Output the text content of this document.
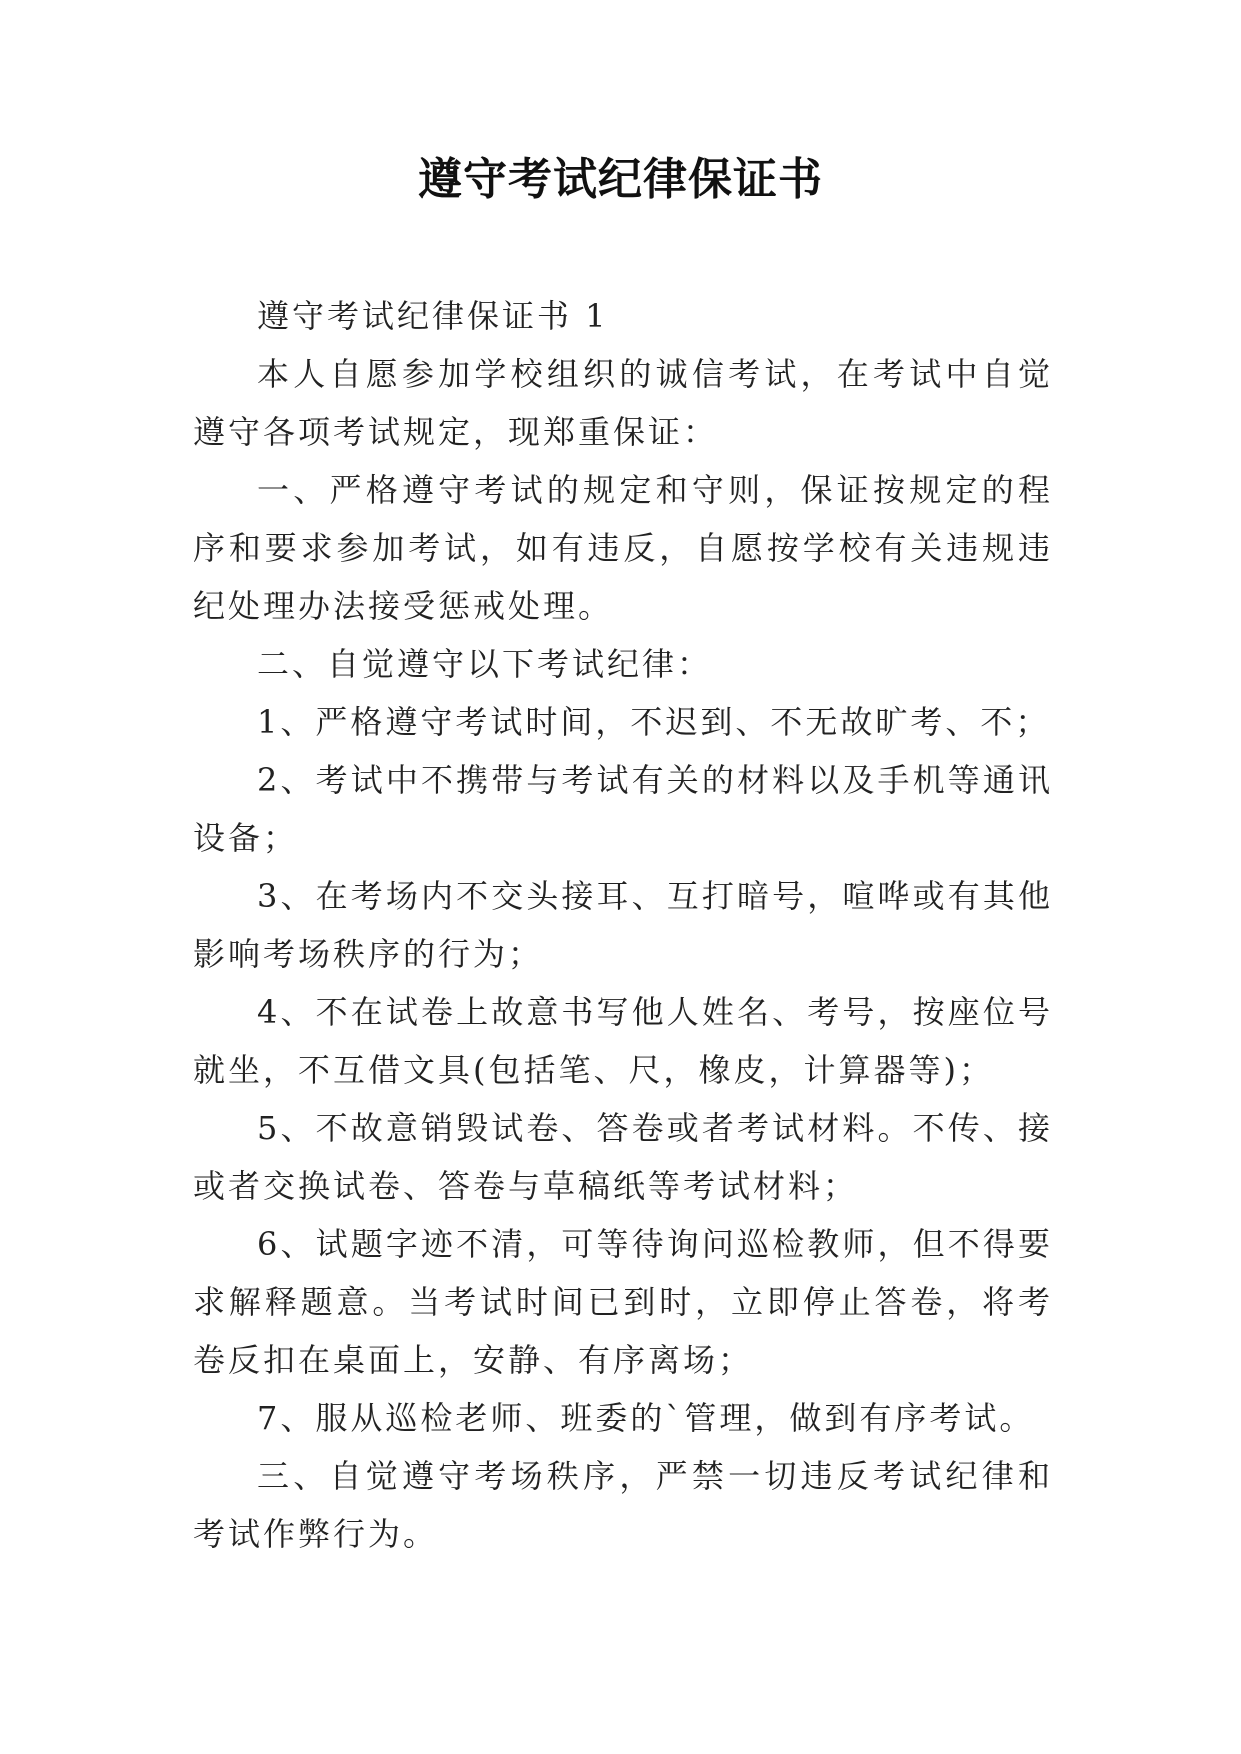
遵守考试纪律保证书

遵守考试纪律保证书 1

本人自愿参加学校组织的诚信考试，在考试中自觉遵守各项考试规定，现郑重保证：

一、严格遵守考试的规定和守则，保证按规定的程序和要求参加考试，如有违反，自愿按学校有关违规违纪处理办法接受惩戒处理。

二、自觉遵守以下考试纪律：

1、严格遵守考试时间，不迟到、不无故旷考、不；

2、考试中不携带与考试有关的材料以及手机等通讯设备；

3、在考场内不交头接耳、互打暗号，喧哗或有其他影响考场秩序的行为；

4、不在试卷上故意书写他人姓名、考号，按座位号就坐，不互借文具(包括笔、尺，橡皮，计算器等)；

5、不故意销毁试卷、答卷或者考试材料。不传、接或者交换试卷、答卷与草稿纸等考试材料；

6、试题字迹不清，可等待询问巡检教师，但不得要求解释题意。当考试时间已到时，立即停止答卷，将考卷反扣在桌面上，安静、有序离场；

7、服从巡检老师、班委的`管理，做到有序考试。

三、自觉遵守考场秩序，严禁一切违反考试纪律和考试作弊行为。
